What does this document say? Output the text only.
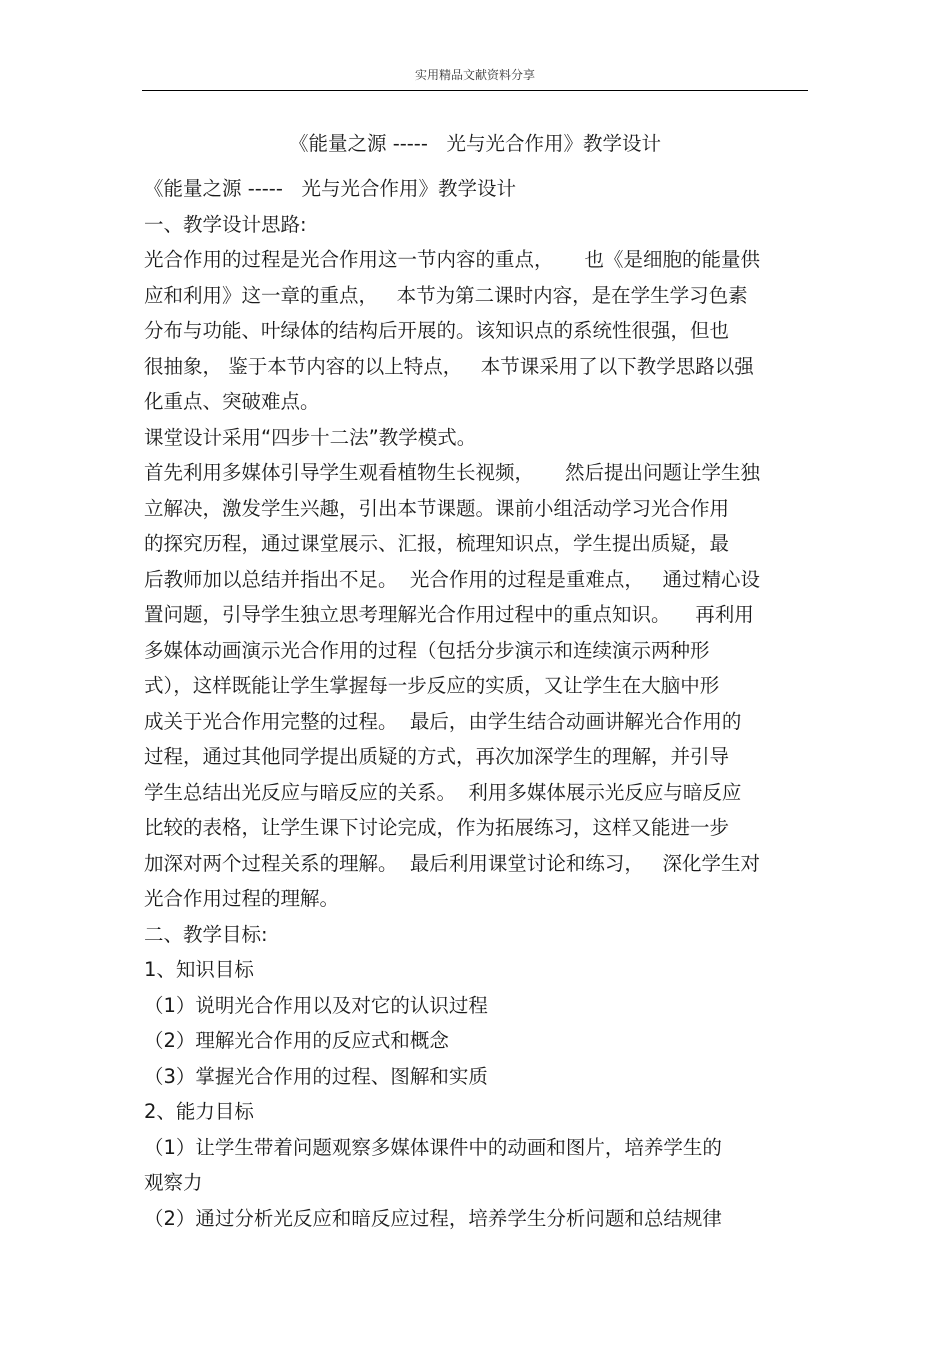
实用精品文献资料分享
《能量之源 -----   光与光合作用》教学设计
《能量之源 -----   光与光合作用》教学设计
一、教学设计思路:
光合作用的过程是光合作用这一节内容的重点，     也《是细胞的能量供
应和利用》这一章的重点，   本节为第二课时内容，是在学生学习色素
分布与功能、叶绿体的结构后开展的。该知识点的系统性很强，但也
很抽象， 鉴于本节内容的以上特点，   本节课采用了以下教学思路以强
化重点、突破难点。
课堂设计采用“四步十二法”教学模式。
首先利用多媒体引导学生观看植物生长视频，     然后提出问题让学生独
立解决，激发学生兴趣，引出本节课题。课前小组活动学习光合作用
的探究历程，通过课堂展示、汇报，梳理知识点，学生提出质疑，最
后教师加以总结并指出不足。  光合作用的过程是重难点，   通过精心设
置问题，引导学生独立思考理解光合作用过程中的重点知识。    再利用
多媒体动画演示光合作用的过程（包括分步演示和连续演示两种形
式），这样既能让学生掌握每一步反应的实质，又让学生在大脑中形
成关于光合作用完整的过程。  最后，由学生结合动画讲解光合作用的
过程，通过其他同学提出质疑的方式，再次加深学生的理解，并引导
学生总结出光反应与暗反应的关系。  利用多媒体展示光反应与暗反应
比较的表格，让学生课下讨论完成，作为拓展练习，这样又能进一步
加深对两个过程关系的理解。  最后利用课堂讨论和练习，   深化学生对
光合作用过程的理解。
二、教学目标:
1、知识目标
（1）说明光合作用以及对它的认识过程
（2）理解光合作用的反应式和概念
（3）掌握光合作用的过程、图解和实质
2、能力目标
（1）让学生带着问题观察多媒体课件中的动画和图片，培养学生的
观察力
（2）通过分析光反应和暗反应过程，培养学生分析问题和总结规律
